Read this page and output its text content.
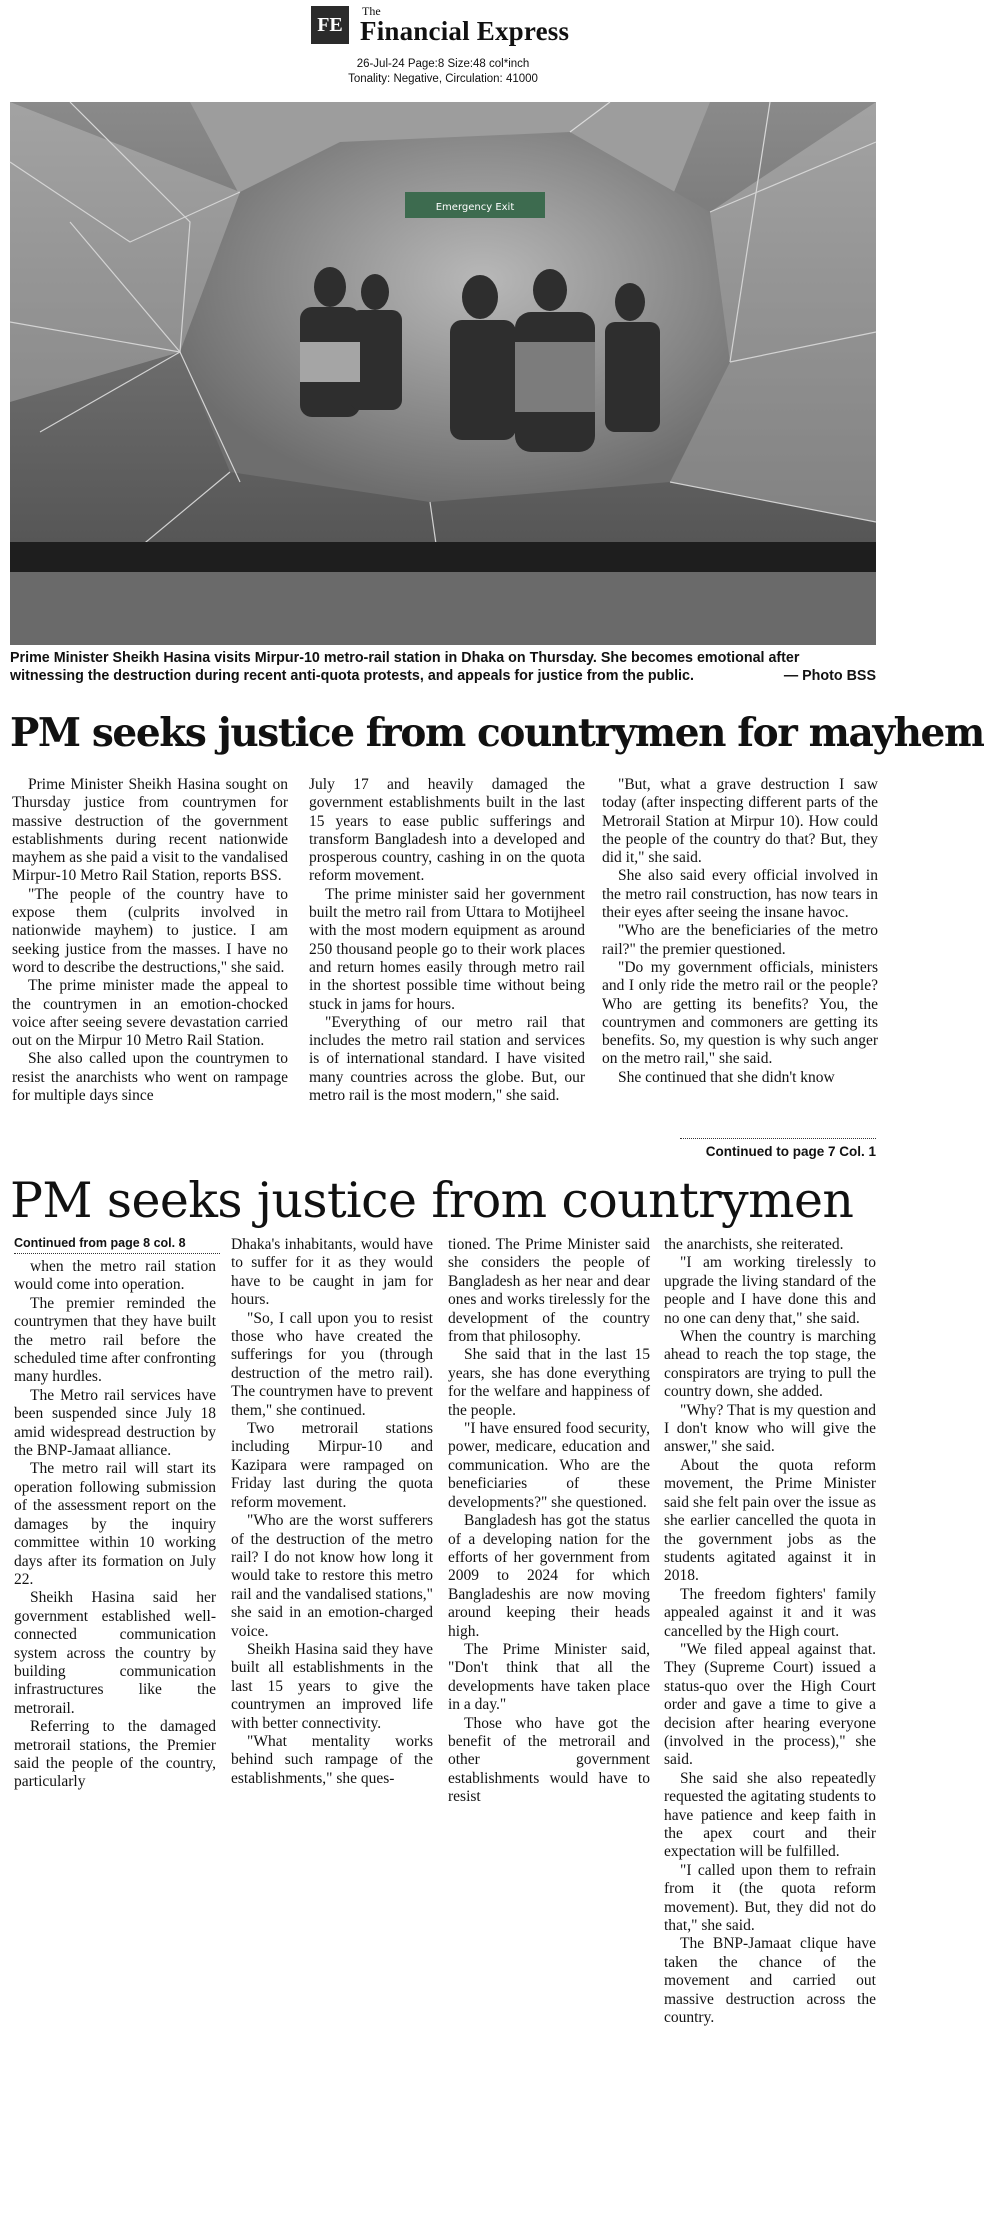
FE
The
Financial Express
26-Jul-24 Page:8 Size:48 col*inch
Tonality: Negative, Circulation: 41000
Emergency Exit
Prime Minister Sheikh Hasina visits Mirpur-10 metro-rail station in Dhaka on Thursday. She becomes emotional after witnessing the destruction during recent anti-quota protests, and appeals for justice from the public.	— Photo BSS
PM seeks justice from countrymen for mayhem

Prime Minister Sheikh Hasina sought on Thursday justice from countrymen for massive destruction of the government establishments during recent nationwide mayhem as she paid a visit to the vandalised Mirpur-10 Metro Rail Station, reports BSS.

"The people of the country have to expose them (culprits involved in nationwide mayhem) to justice. I am seeking justice from the masses. I have no word to describe the destructions," she said.

The prime minister made the appeal to the countrymen in an emotion-chocked voice after seeing severe devastation carried out on the Mirpur 10 Metro Rail Station.

She also called upon the countrymen to resist the anarchists who went on rampage for multiple days since

July 17 and heavily damaged the government establishments built in the last 15 years to ease public sufferings and transform Bangladesh into a developed and prosperous country, cashing in on the quota reform movement.

The prime minister said her government built the metro rail from Uttara to Motijheel with the most modern equipment as around 250 thousand people go to their work places and return homes easily through metro rail in the shortest possible time without being stuck in jams for hours.

"Everything of our metro rail that includes the metro rail station and services is of international standard. I have visited many countries across the globe. But, our metro rail is the most modern," she said.

"But, what a grave destruction I saw today (after inspecting different parts of the Metrorail Station at Mirpur 10). How could the people of the country do that? But, they did it," she said.

She also said every official involved in the metro rail construction, has now tears in their eyes after seeing the insane havoc.

"Who are the beneficiaries of the metro rail?" the premier questioned.

"Do my government officials, ministers and I only ride the metro rail or the people? Who are getting its benefits? You, the countrymen and commoners are getting its benefits. So, my question is why such anger on the metro rail," she said.

She continued that she didn't know

Continued to page 7 Col. 1
PM seeks justice from countrymen
Continued from page 8 col. 8

when the metro rail station would come into operation.

The premier reminded the countrymen that they have built the metro rail before the scheduled time after confronting many hurdles.

The Metro rail services have been suspended since July 18 amid widespread destruction by the BNP-Jamaat alliance.

The metro rail will start its operation following submission of the assessment report on the damages by the inquiry committee within 10 working days after its formation on July 22.

Sheikh Hasina said her government established well-connected communication system across the country by building communication infrastructures like the metrorail.

Referring to the damaged metrorail stations, the Premier said the people of the country, particularly

Dhaka's inhabitants, would have to suffer for it as they would have to be caught in jam for hours.

"So, I call upon you to resist those who have created the sufferings for you (through destruction of the metro rail). The countrymen have to prevent them," she continued.

Two metrorail stations including Mirpur-10 and Kazipara were rampaged on Friday last during the quota reform movement.

"Who are the worst sufferers of the destruction of the metro rail? I do not know how long it would take to restore this metro rail and the vandalised stations," she said in an emotion-charged voice.

Sheikh Hasina said they have built all establishments in the last 15 years to give the countrymen an improved life with better connectivity.

"What mentality works behind such rampage of the establishments," she ques-

tioned. The Prime Minister said she considers the people of Bangladesh as her near and dear ones and works tirelessly for the development of the country from that philosophy.

She said that in the last 15 years, she has done everything for the welfare and happiness of the people.

"I have ensured food security, power, medicare, education and communication. Who are the beneficiaries of these developments?" she questioned.

Bangladesh has got the status of a developing nation for the efforts of her government from 2009 to 2024 for which Bangladeshis are now moving around keeping their heads high.

The Prime Minister said, "Don't think that all the developments have taken place in a day."

Those who have got the benefit of the metrorail and other government establishments would have to resist

the anarchists, she reiterated.

"I am working tirelessly to upgrade the living standard of the people and I have done this and no one can deny that," she said.

When the country is marching ahead to reach the top stage, the conspirators are trying to pull the country down, she added.

"Why? That is my question and I don't know who will give the answer," she said.

About the quota reform movement, the Prime Minister said she felt pain over the issue as she earlier cancelled the quota in the government jobs as the students agitated against it in 2018.

The freedom fighters' family appealed against it and it was cancelled by the High court.

"We filed appeal against that. They (Supreme Court) issued a status-quo over the High Court order and gave a time to give a decision after hearing everyone (involved in the process)," she said.

She said she also repeatedly requested the agitating students to have patience and keep faith in the apex court and their expectation will be fulfilled.

"I called upon them to refrain from it (the quota reform movement). But, they did not do that," she said.

The BNP-Jamaat clique have taken the chance of the movement and carried out massive destruction across the country.
